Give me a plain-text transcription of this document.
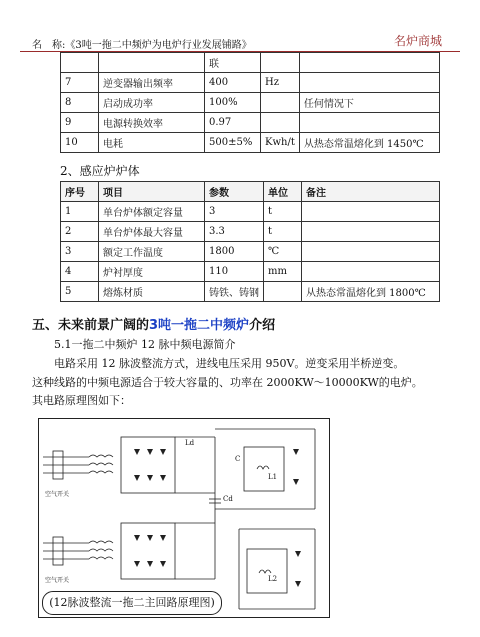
名　称:《3吨一拖二中频炉为电炉行业发展铺路》	名炉商城
		联		
7	逆变器输出频率	400	Hz	
8	启动成功率	100%		任何情况下
9	电源转换效率	0.97		
10	电耗	500±5%	Kwh/t	从热态常温熔化到 1450℃
2、感应炉炉体
序号	项目	参数	单位	备注
1	单台炉体额定容量	3	t	
2	单台炉体最大容量	3.3	t	
3	额定工作温度	1800	℃	
4	炉衬厚度	110	mm	
5	熔炼材质	铸铁、铸钢		从热态常温熔化到 1800℃
五、未来前景广阔的3吨一拖二中频炉介绍
5.1一拖二中频炉 12 脉中频电源简介
电路采用 12 脉波整流方式，进线电压采用 950V。逆变采用半桥逆变。
这种线路的中频电源适合于较大容量的、功率在 2000KW～10000KW的电炉。
其电路原理图如下：
空气开关
空气开关
Ld
Cd
L1
L2
C
(12脉波整流一拖二主回路原理图)
